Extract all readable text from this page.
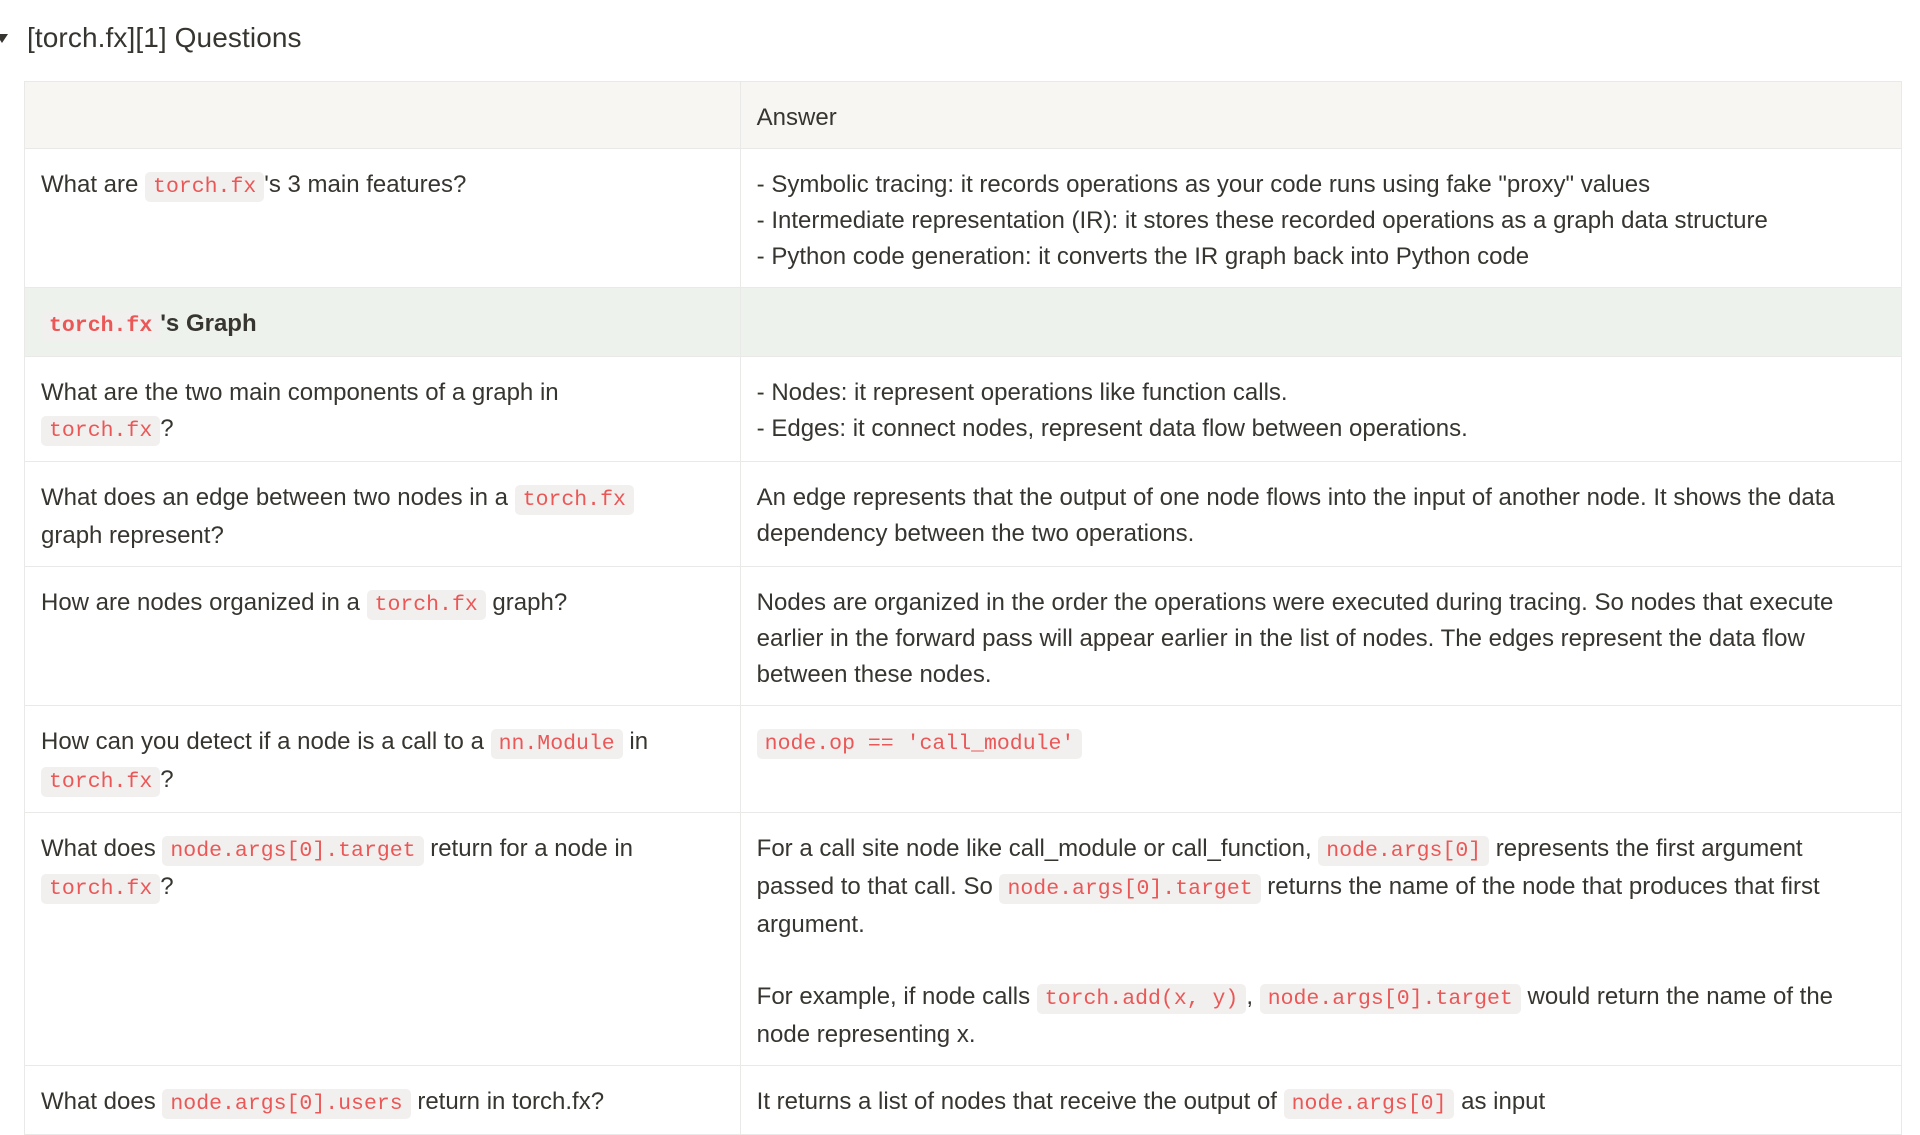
[torch.fx][1] Questions
	Answer
What are torch.fx 's 3 main features?	- Symbolic tracing: it records operations as your code runs using fake "proxy" values
- Intermediate representation (IR): it stores these recorded operations as a graph data structure
- Python code generation: it converts the IR graph back into Python code

torch.fx 's Graph	
What are the two main components of a graph in
torch.fx ?	- Nodes: it represent operations like function calls.
- Edges: it connect nodes, represent data flow between operations.

What does an edge between two nodes in a torch.fx
graph represent?	An edge represents that the output of one node flows into the input of another node. It shows the data dependency between the two operations.
How are nodes organized in a torch.fx graph?	Nodes are organized in the order the operations were executed during tracing. So nodes that execute earlier in the forward pass will appear earlier in the list of nodes. The edges represent the data flow between these nodes.
How can you detect if a node is a call to a nn.Module in
torch.fx ?	node.op == 'call_module'
What does node.args[0].target return for a node in
torch.fx ?	For a call site node like call_module or call_function, node.args[0] represents the first argument passed to that call. So node.args[0].target returns the name of the node that produces that first argument.
For example, if node calls torch.add(x, y) , node.args[0].target would return the name of the node representing x.
What does node.args[0].users return in torch.fx?	It returns a list of nodes that receive the output of node.args[0] as input
